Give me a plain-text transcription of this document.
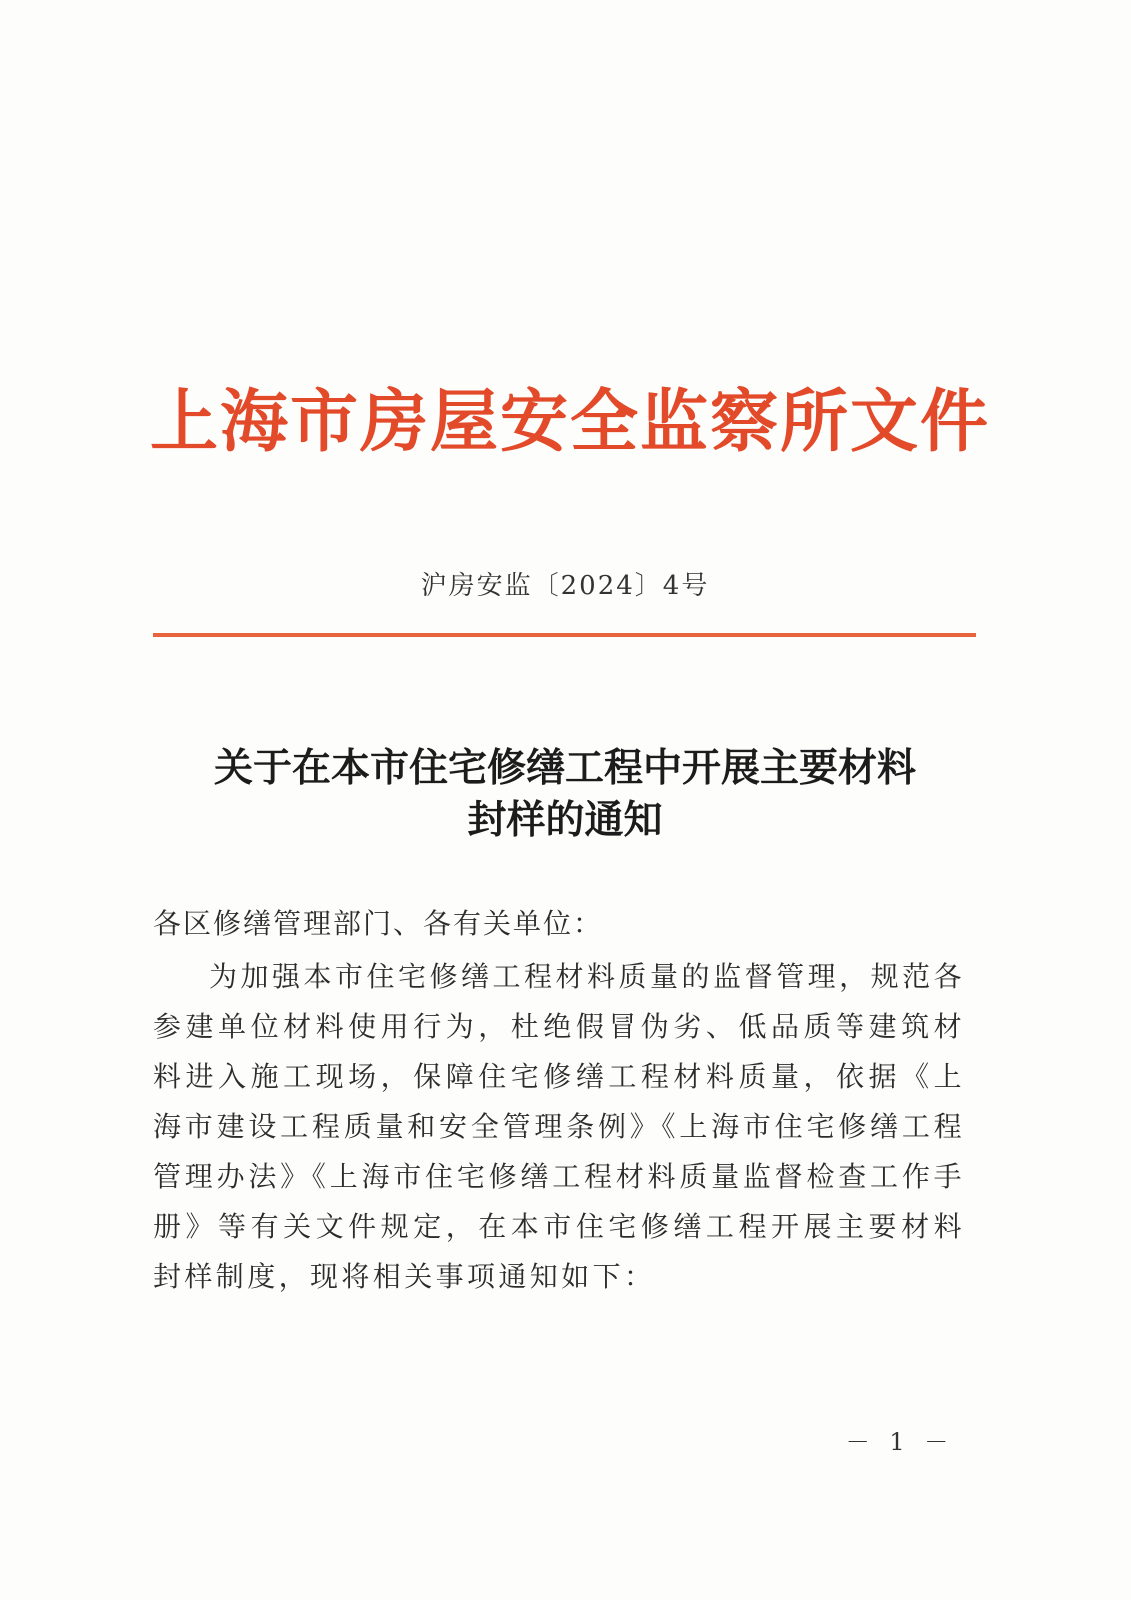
上海市房屋安全监察所文件
沪房安监〔2024〕4号
关于在本市住宅修缮工程中开展主要材料
封样的通知
各区修缮管理部门、各有关单位：
为加强本市住宅修缮工程材料质量的监督管理，规范各参建单位材料使用行为，杜绝假冒伪劣、低品质等建筑材料进入施工现场，保障住宅修缮工程材料质量，依据《上海市建设工程质量和安全管理条例》《上海市住宅修缮工程管理办法》《上海市住宅修缮工程材料质量监督检查工作手册》等有关文件规定，在本市住宅修缮工程开展主要材料封样制度，现将相关事项通知如下：
－ 1 －
